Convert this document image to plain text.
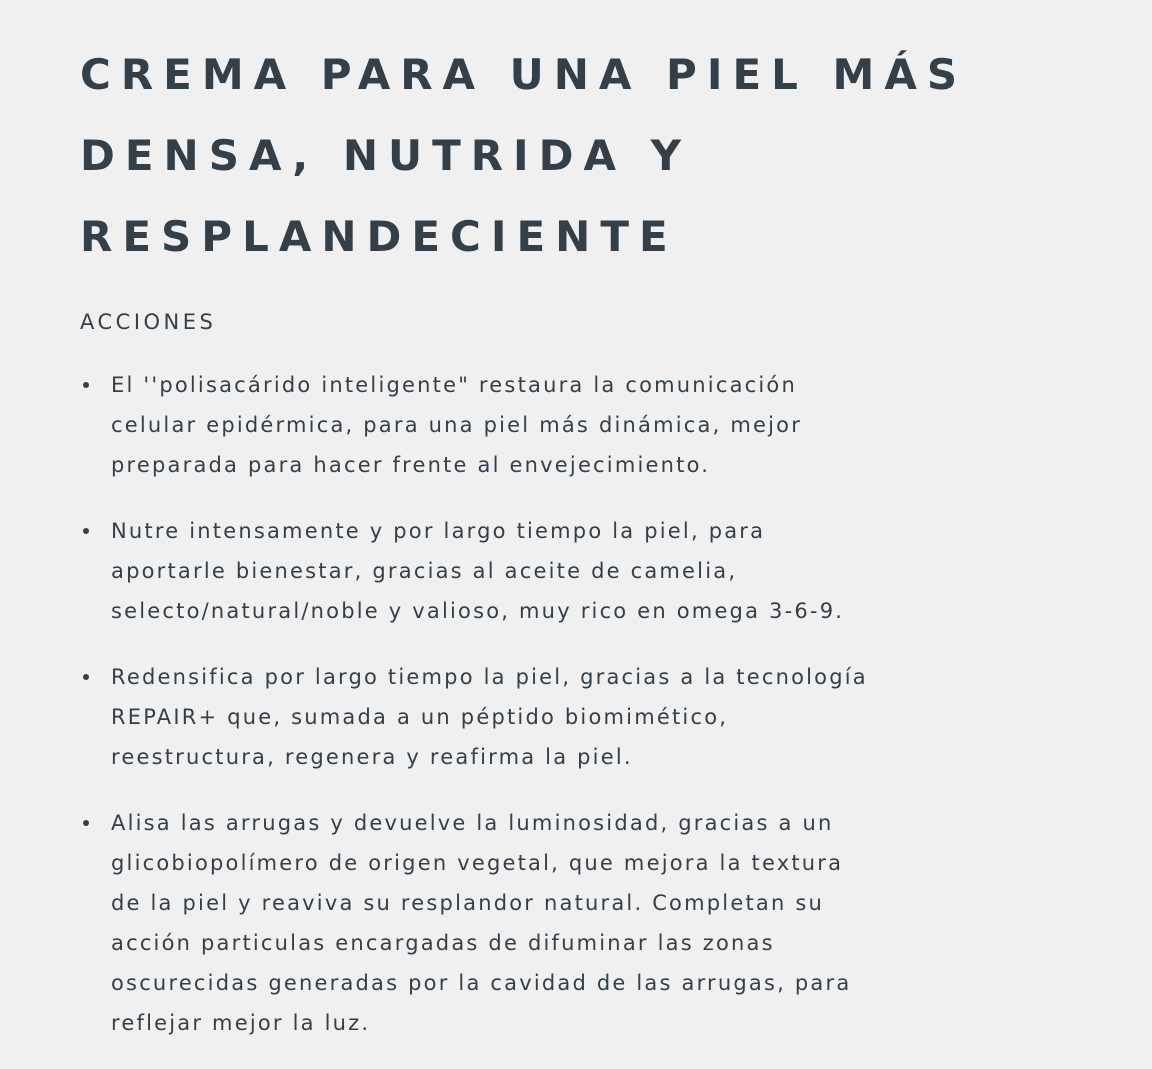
CREMA PARA UNA PIEL MÁS
DENSA, NUTRIDA Y
RESPLANDECIENTE
ACCIONES
El ''polisacárido inteligente" restaura la comunicación
celular epidérmica, para una piel más dinámica, mejor
preparada para hacer frente al envejecimiento.
Nutre intensamente y por largo tiempo la piel, para
aportarle bienestar, gracias al aceite de camelia,
selecto/natural/noble y valioso, muy rico en omega 3-6-9.
Redensifica por largo tiempo la piel, gracias a la tecnología
REPAIR+ que, sumada a un péptido biomimético,
reestructura, regenera y reafirma la piel.
Alisa las arrugas y devuelve la luminosidad, gracias a un
glicobiopolímero de origen vegetal, que mejora la textura
de la piel y reaviva su resplandor natural. Completan su
acción particulas encargadas de difuminar las zonas
oscurecidas generadas por la cavidad de las arrugas, para
reflejar mejor la luz.
